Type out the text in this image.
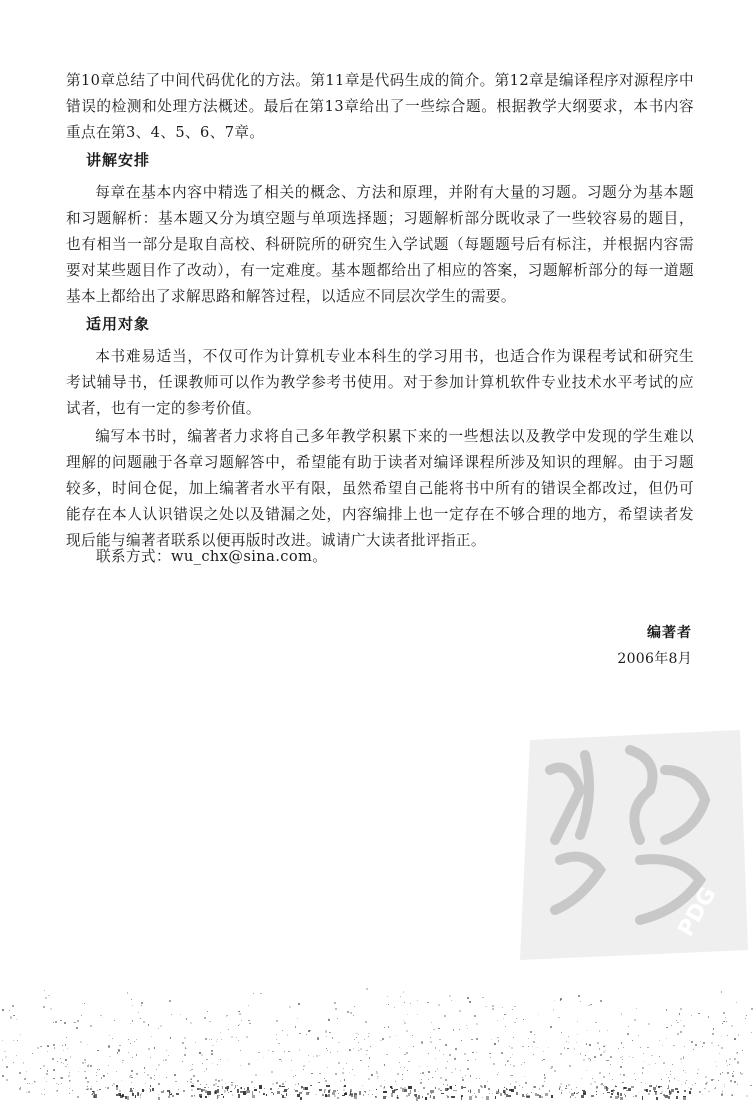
第10章总结了中间代码优化的方法。第11章是代码生成的简介。第12章是编译程序对源程序中错误的检测和处理方法概述。最后在第13章给出了一些综合题。根据教学大纲要求，本书内容重点在第3、4、5、6、7章。

讲解安排

每章在基本内容中精选了相关的概念、方法和原理，并附有大量的习题。习题分为基本题和习题解析：基本题又分为填空题与单项选择题；习题解析部分既收录了一些较容易的题目，也有相当一部分是取自高校、科研院所的研究生入学试题（每题题号后有标注，并根据内容需要对某些题目作了改动），有一定难度。基本题都给出了相应的答案，习题解析部分的每一道题基本上都给出了求解思路和解答过程，以适应不同层次学生的需要。

适用对象

本书难易适当，不仅可作为计算机专业本科生的学习用书，也适合作为课程考试和研究生考试辅导书，任课教师可以作为教学参考书使用。对于参加计算机软件专业技术水平考试的应试者，也有一定的参考价值。

编写本书时，编著者力求将自己多年教学积累下来的一些想法以及教学中发现的学生难以理解的问题融于各章习题解答中，希望能有助于读者对编译课程所涉及知识的理解。由于习题较多，时间仓促，加上编著者水平有限，虽然希望自己能将书中所有的错误全都改过，但仍可能存在本人认识错误之处以及错漏之处，内容编排上也一定存在不够合理的地方，希望读者发现后能与编著者联系以便再版时改进。诚请广大读者批评指正。

联系方式：wu_chx@sina.com。
编著者
2006年8月
PDG
